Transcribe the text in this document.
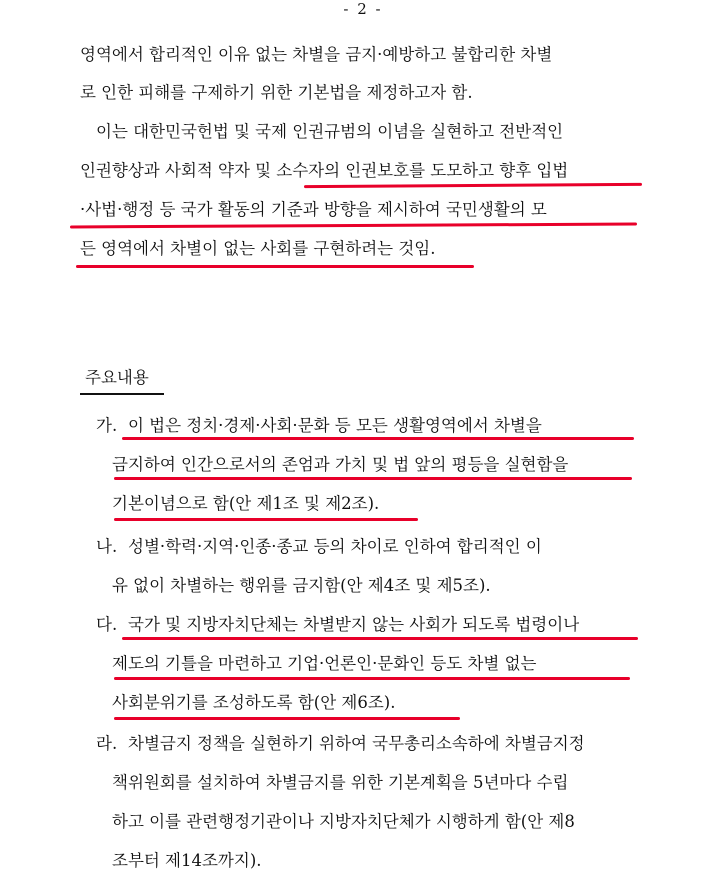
- 2 -
영역에서 합리적인 이유 없는 차별을 금지·예방하고 불합리한 차별
로 인한 피해를 구제하기 위한 기본법을 제정하고자 함.
이는 대한민국헌법 및 국제 인권규범의 이념을 실현하고 전반적인
인권향상과 사회적 약자 및 소수자의 인권보호를 도모하고 향후 입법
·사법·행정 등 국가 활동의 기준과 방향을 제시하여 국민생활의 모
든 영역에서 차별이 없는 사회를 구현하려는 것임.
주요내용
가. 이 법은 정치·경제·사회·문화 등 모든 생활영역에서 차별을
금지하여 인간으로서의 존엄과 가치 및 법 앞의 평등을 실현함을
기본이념으로 함(안 제1조 및 제2조).
나. 성별·학력·지역·인종·종교 등의 차이로 인하여 합리적인 이
유 없이 차별하는 행위를 금지함(안 제4조 및 제5조).
다. 국가 및 지방자치단체는 차별받지 않는 사회가 되도록 법령이나
제도의 기틀을 마련하고 기업·언론인·문화인 등도 차별 없는
사회분위기를 조성하도록 함(안 제6조).
라. 차별금지 정책을 실현하기 위하여 국무총리소속하에 차별금지정
책위원회를 설치하여 차별금지를 위한 기본계획을 5년마다 수립
하고 이를 관련행정기관이나 지방자치단체가 시행하게 함(안 제8
조부터 제14조까지).
